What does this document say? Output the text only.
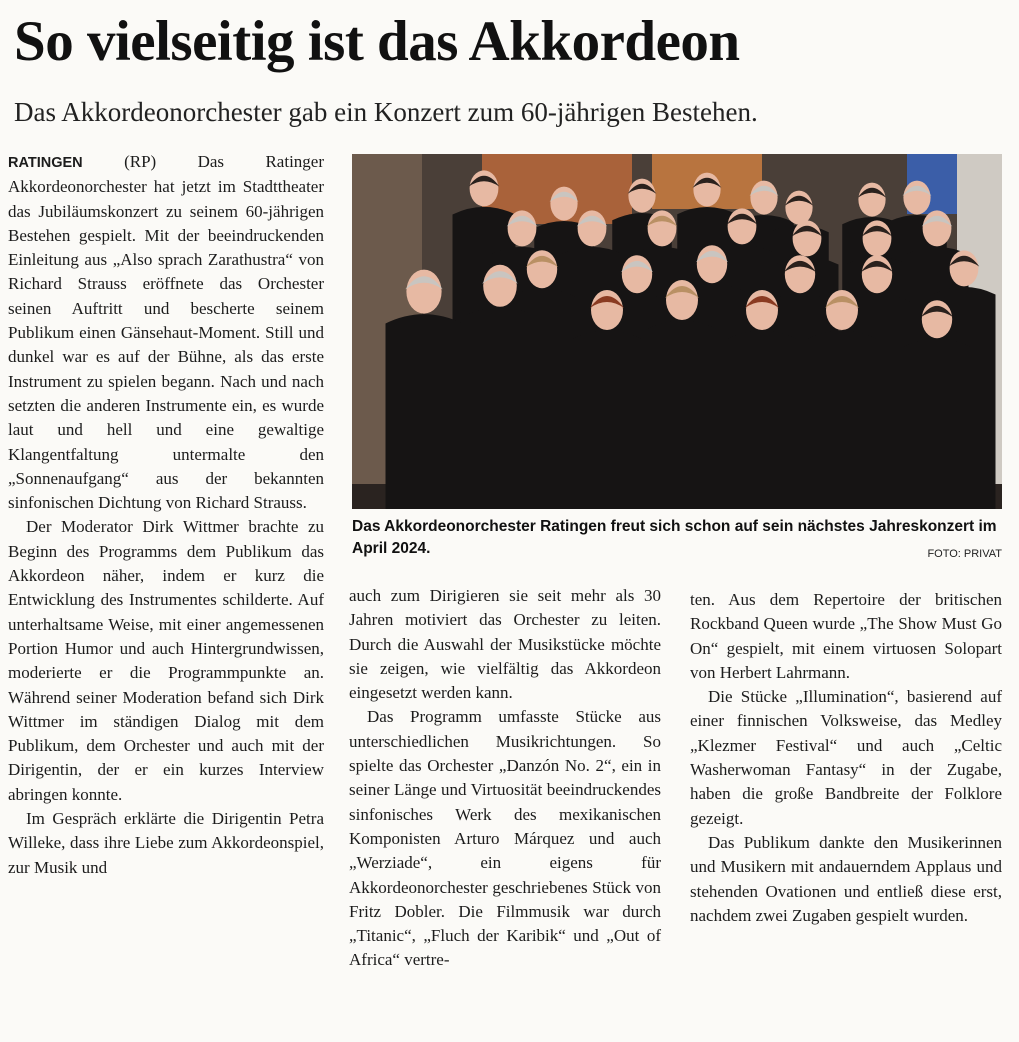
So vielseitig ist das Akkordeon
Das Akkordeonorchester gab ein Konzert zum 60-jährigen Bestehen.

RATINGEN (RP) Das Ratinger Akkordeonorchester hat jetzt im Stadttheater das Jubiläumskonzert zu seinem 60-jährigen Bestehen gespielt. Mit der beeindruckenden Einleitung aus „Also sprach Zarathustra“ von Richard Strauss eröffnete das Orchester seinen Auftritt und bescherte seinem Publikum einen Gänsehaut-Moment. Still und dunkel war es auf der Bühne, als das erste Instrument zu spielen begann. Nach und nach setzten die anderen Instrumente ein, es wurde laut und hell und eine gewaltige Klangentfaltung untermalte den „Sonnenaufgang“ aus der bekannten sinfonischen Dichtung von Richard Strauss.

Der Moderator Dirk Wittmer brachte zu Beginn des Programms dem Publikum das Akkordeon näher, indem er kurz die Entwicklung des Instrumentes schilderte. Auf unterhaltsame Weise, mit einer angemessenen Portion Humor und auch Hintergrundwissen, moderierte er die Programmpunkte an. Während seiner Moderation befand sich Dirk Wittmer im ständigen Dialog mit dem Publikum, dem Orchester und auch mit der Dirigentin, der er ein kurzes Interview abringen konnte.

Im Gespräch erklärte die Dirigentin Petra Willeke, dass ihre Liebe zum Akkordeonspiel, zur Musik und

Das Akkordeonorchester Ratingen freut sich schon auf sein nächstes Jahreskonzert im April 2024.	FOTO: PRIVAT

auch zum Dirigieren sie seit mehr als 30 Jahren motiviert das Orchester zu leiten. Durch die Auswahl der Musikstücke möchte sie zeigen, wie vielfältig das Akkordeon eingesetzt werden kann.

Das Programm umfasste Stücke aus unterschiedlichen Musikrichtungen. So spielte das Orchester „Danzón No. 2“, ein in seiner Länge und Virtuosität beeindruckendes sinfonisches Werk des mexikanischen Komponisten Arturo Márquez und auch „Werziade“, ein eigens für Akkordeonorchester geschriebenes Stück von Fritz Dobler. Die Filmmusik war durch „Titanic“, „Fluch der Karibik“ und „Out of Africa“ vertre-

ten. Aus dem Repertoire der britischen Rockband Queen wurde „The Show Must Go On“ gespielt, mit einem virtuosen Solopart von Herbert Lahrmann.

Die Stücke „Illumination“, basierend auf einer finnischen Volksweise, das Medley „Klezmer Festival“ und auch „Celtic Washerwoman Fantasy“ in der Zugabe, haben die große Bandbreite der Folklore gezeigt.

Das Publikum dankte den Musikerinnen und Musikern mit andauerndem Applaus und stehenden Ovationen und entließ diese erst, nachdem zwei Zugaben gespielt wurden.
